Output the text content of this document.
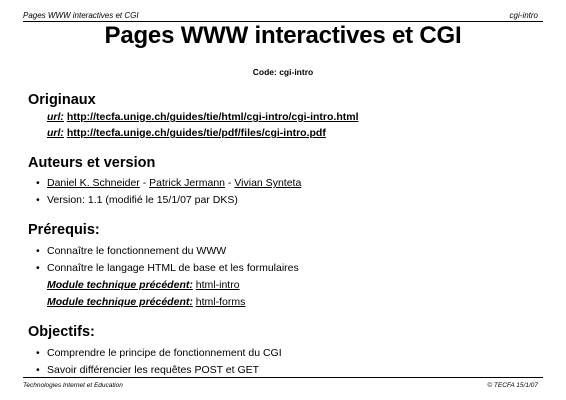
Pages WWW interactives et CGI	cgi-intro
Pages WWW interactives et CGI
Code: cgi-intro
Originaux
url: http://tecfa.unige.ch/guides/tie/html/cgi-intro/cgi-intro.html
url: http://tecfa.unige.ch/guides/tie/pdf/files/cgi-intro.pdf
Auteurs et version
• Daniel K. Schneider - Patrick Jermann - Vivian Synteta
• Version: 1.1 (modifié le 15/1/07 par DKS)
Prérequis:
• Connaître le fonctionnement du WWW
• Connaître le langage HTML de base et les formulaires
Module technique précédent: html-intro
Module technique précédent: html-forms
Objectifs:
• Comprendre le principe de fonctionnement du CGI
• Savoir différencier les requêtes POST et GET
Technologies Internet et Education	© TECFA 15/1/07
